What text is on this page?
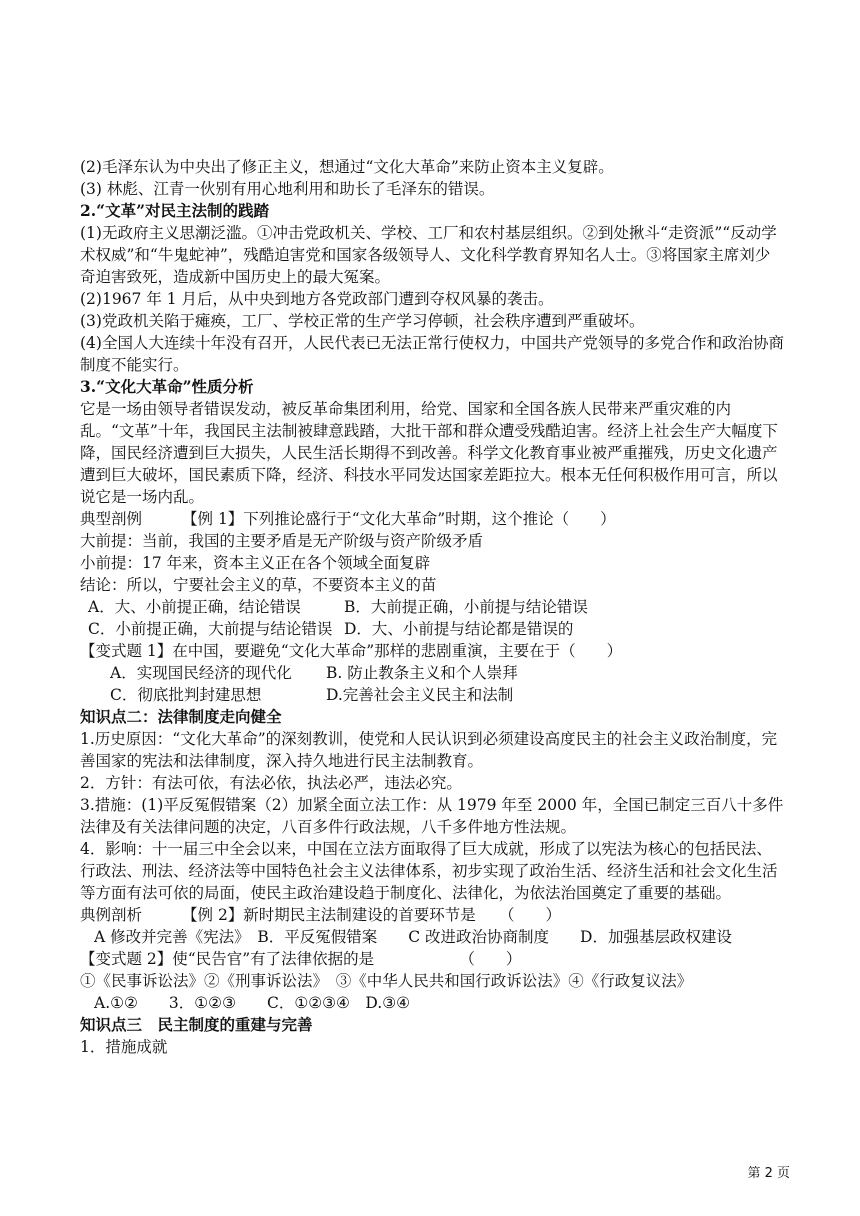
(2)毛泽东认为中央出了修正主义，想通过“文化大革命”来防止资本主义复辟。
(3) 林彪、江青一伙别有用心地利用和助长了毛泽东的错误。
2.“文革”对民主法制的践踏
(1)无政府主义思潮泛滥。①冲击党政机关、学校、工厂和农村基层组织。②到处揪斗“走资派”“反动学术权威”和“牛鬼蛇神”，残酷迫害党和国家各级领导人、文化科学教育界知名人士。③将国家主席刘少奇迫害致死，造成新中国历史上的最大冤案。
(2)1967 年 1 月后，从中央到地方各党政部门遭到夺权风暴的袭击。
(3)党政机关陷于瘫痪，工厂、学校正常的生产学习停顿，社会秩序遭到严重破坏。
(4)全国人大连续十年没有召开，人民代表已无法正常行使权力，中国共产党领导的多党合作和政治协商制度不能实行。
3.“文化大革命”性质分析
它是一场由领导者错误发动，被反革命集团利用，给党、国家和全国各族人民带来严重灾难的内乱。“文革”十年，我国民主法制被肆意践踏，大批干部和群众遭受残酷迫害。经济上社会生产大幅度下降，国民经济遭到巨大损失，人民生活长期得不到改善。科学文化教育事业被严重摧残，历史文化遗产遭到巨大破坏，国民素质下降，经济、科技水平同发达国家差距拉大。根本无任何积极作用可言，所以说它是一场内乱。
典型剖例	【例 1】下列推论盛行于“文化大革命”时期，这个推论（　　）
大前提：当前，我国的主要矛盾是无产阶级与资产阶级矛盾
小前提：17 年来，资本主义正在各个领域全面复辟
结论：所以，宁要社会主义的草，不要资本主义的苗
A．大、小前提正确，结论错误	B．大前提正确，小前提与结论错误
C．小前提正确，大前提与结论错误 D．大、小前提与结论都是错误的
【变式题 1】在中国，要避免“文化大革命”那样的悲剧重演，主要在于（　　）
A．实现国民经济的现代化 B. 防止教条主义和个人崇拜
C．彻底批判封建思想	D.完善社会主义民主和法制
知识点二：法律制度走向健全
1.历史原因：“文化大革命”的深刻教训，使党和人民认识到必须建设高度民主的社会主义政治制度，完善国家的宪法和法律制度，深入持久地进行民主法制教育。
2．方针：有法可依，有法必依，执法必严，违法必究。
3.措施：(1)平反冤假错案（2）加紧全面立法工作：从 1979 年至 2000 年，全国已制定三百八十多件法律及有关法律问题的决定，八百多件行政法规，八千多件地方性法规。
4．影响：十一届三中全会以来，中国在立法方面取得了巨大成就，形成了以宪法为核心的包括民法、行政法、刑法、经济法等中国特色社会主义法律体系，初步实现了政治生活、经济生活和社会文化生活等方面有法可依的局面，使民主政治建设趋于制度化、法律化，为依法治国奠定了重要的基础。
典例剖析	【例 2】新时期民主法制建设的首要环节是　　（　　）
A 修改并完善《宪法》　B．平反冤假错案　　C 改进政治协商制度　　D．加强基层政权建设
【变式题 2】使“民告官”有了法律依据的是　　　　　　（　　）
①《民事诉讼法》②《刑事诉讼法》　③《中华人民共和国行政诉讼法》④《行政复议法》
A.①②　　3．①②③　　C．①②③④　D.③④
知识点三　民主制度的重建与完善
1．措施成就
第 2 页
